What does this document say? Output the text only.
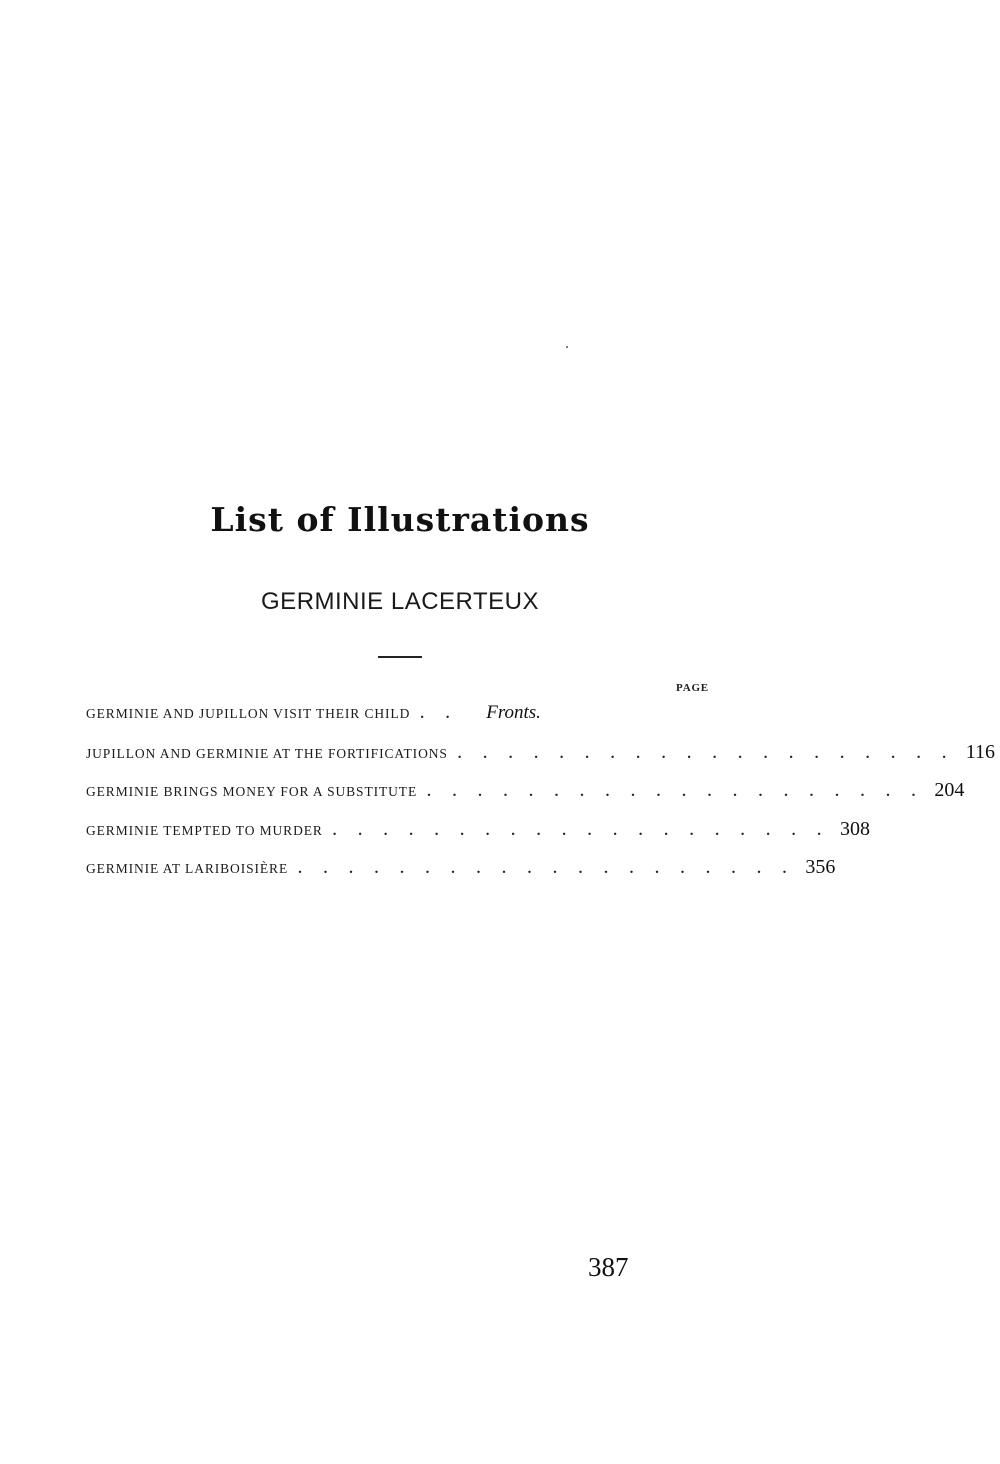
List of Illustrations
GERMINIE LACERTEUX
PAGE
GERMINIE AND JUPILLON VISIT THEIR CHILD . .	Fronts.
JUPILLON AND GERMINIE AT THE FORTIFICATIONS . . . . . . . . . . . . . . . . . . . . 116
GERMINIE BRINGS MONEY FOR A SUBSTITUTE . . . . . . . . . . . . . . . . . . . . 204
GERMINIE TEMPTED TO MURDER . . . . . . . . . . . . . . . . . . . . 308
GERMINIE AT LARIBOISIÈRE . . . . . . . . . . . . . . . . . . . . 356
387
